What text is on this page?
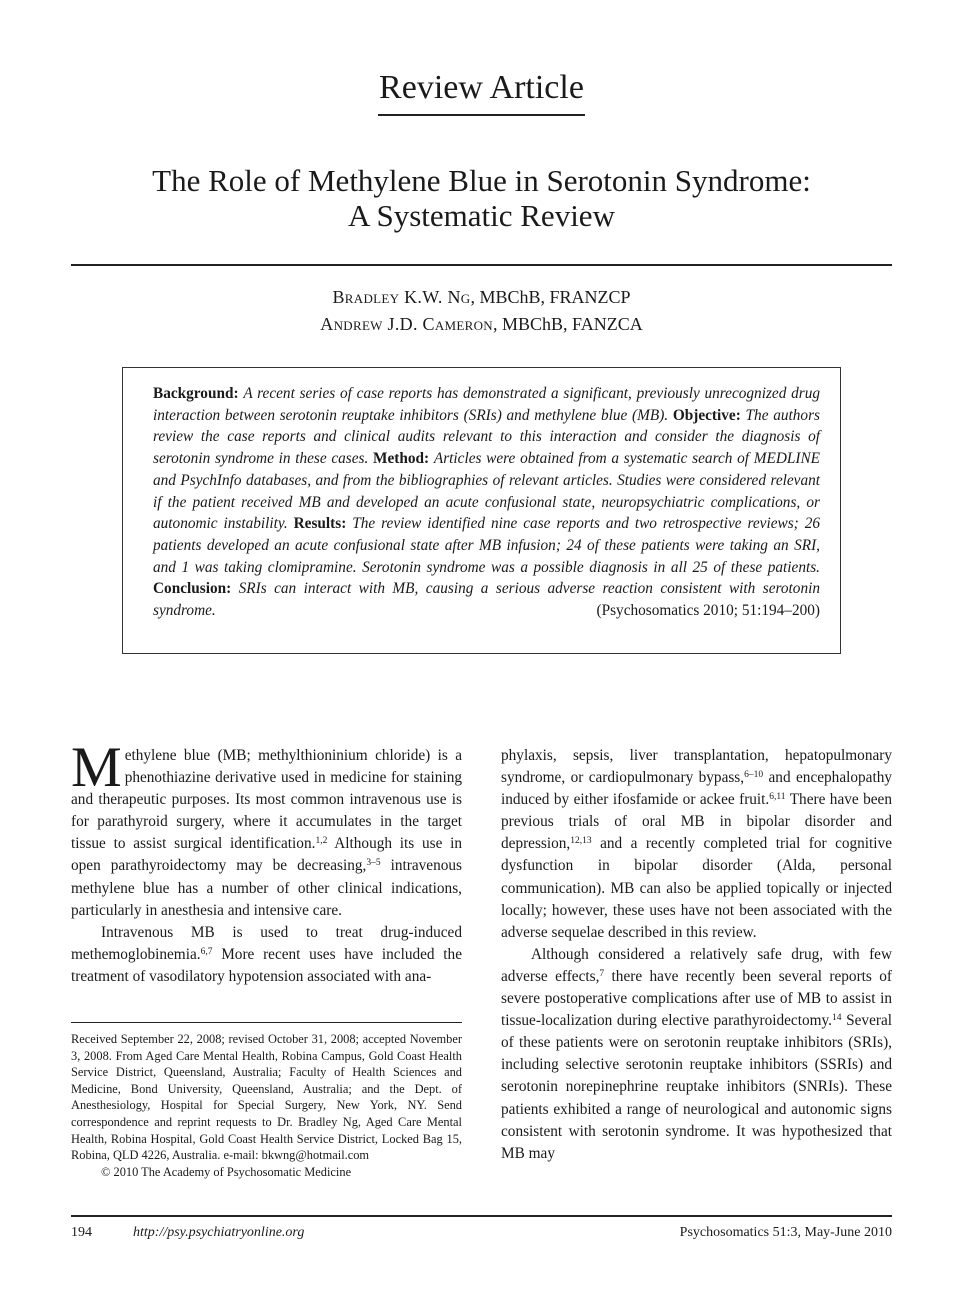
Review Article
The Role of Methylene Blue in Serotonin Syndrome:
A Systematic Review
Bradley K.W. Ng, MBChB, FRANZCP
Andrew J.D. Cameron, MBChB, FANZCA
Background: A recent series of case reports has demonstrated a significant, previously unrecognized drug interaction between serotonin reuptake inhibitors (SRIs) and methylene blue (MB). Objective: The authors review the case reports and clinical audits relevant to this interaction and consider the diagnosis of serotonin syndrome in these cases. Method: Articles were obtained from a systematic search of MEDLINE and PsychInfo databases, and from the bibliographies of relevant articles. Studies were considered relevant if the patient received MB and developed an acute confusional state, neuropsychiatric complications, or autonomic instability. Results: The review identified nine case reports and two retrospective reviews; 26 patients developed an acute confusional state after MB infusion; 24 of these patients were taking an SRI, and 1 was taking clomipramine. Serotonin syndrome was a possible diagnosis in all 25 of these patients. Conclusion: SRIs can interact with MB, causing a serious adverse reaction consistent with serotonin syndrome.	(Psychosomatics 2010; 51:194–200)

Methylene blue (MB; methylthioninium chloride) is a phenothiazine derivative used in medicine for staining and therapeutic purposes. Its most common intravenous use is for parathyroid surgery, where it accumulates in the target tissue to assist surgical identification.$^{1,2}$ Although its use in open parathyroidectomy may be decreasing,$^{3-5}$ intravenous methylene blue has a number of other clinical indications, particularly in anesthesia and intensive care.

Intravenous MB is used to treat drug-induced methemoglobinemia.$^{6,7}$ More recent uses have included the treatment of vasodilatory hypotension associated with ana-

Received September 22, 2008; revised October 31, 2008; accepted November 3, 2008. From Aged Care Mental Health, Robina Campus, Gold Coast Health Service District, Queensland, Australia; Faculty of Health Sciences and Medicine, Bond University, Queensland, Australia; and the Dept. of Anesthesiology, Hospital for Special Surgery, New York, NY. Send correspondence and reprint requests to Dr. Bradley Ng, Aged Care Mental Health, Robina Hospital, Gold Coast Health Service District, Locked Bag 15, Robina, QLD 4226, Australia. e-mail: bkwng@hotmail.com

© 2010 The Academy of Psychosomatic Medicine

phylaxis, sepsis, liver transplantation, hepatopulmonary syndrome, or cardiopulmonary bypass,$^{6-10}$ and encephalopathy induced by either ifosfamide or ackee fruit.$^{6,11}$ There have been previous trials of oral MB in bipolar disorder and depression,$^{12,13}$ and a recently completed trial for cognitive dysfunction in bipolar disorder (Alda, personal communication). MB can also be applied topically or injected locally; however, these uses have not been associated with the adverse sequelae described in this review.

Although considered a relatively safe drug, with few adverse effects,$^7$ there have recently been several reports of severe postoperative complications after use of MB to assist in tissue-localization during elective parathyroidectomy.$^{14}$ Several of these patients were on serotonin reuptake inhibitors (SRIs), including selective serotonin reuptake inhibitors (SSRIs) and serotonin norepinephrine reuptake inhibitors (SNRIs). These patients exhibited a range of neurological and autonomic signs consistent with serotonin syndrome. It was hypothesized that MB may

194	http://psy.psychiatryonline.org	Psychosomatics 51:3, May-June 2010
